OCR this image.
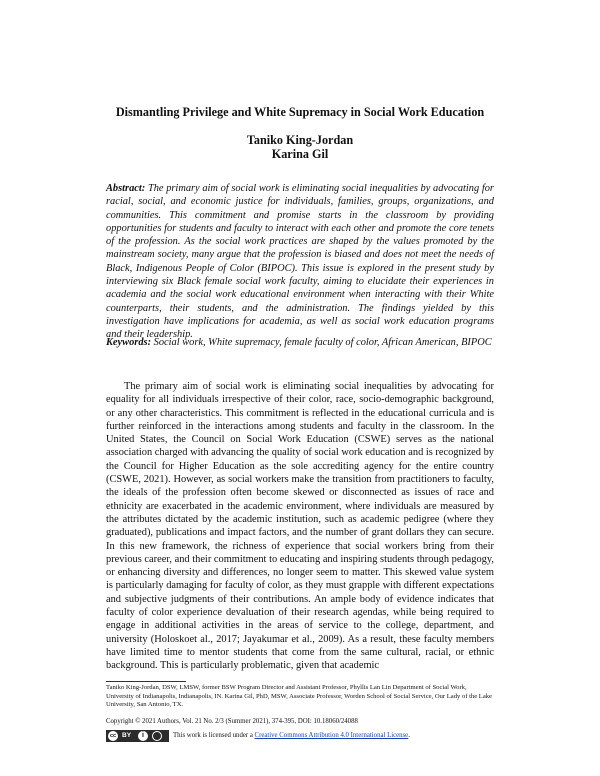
Dismantling Privilege and White Supremacy in Social Work Education
Taniko King-Jordan
Karina Gil

Abstract: The primary aim of social work is eliminating social inequalities by advocating for racial, social, and economic justice for individuals, families, groups, organizations, and communities. This commitment and promise starts in the classroom by providing opportunities for students and faculty to interact with each other and promote the core tenets of the profession. As the social work practices are shaped by the values promoted by the mainstream society, many argue that the profession is biased and does not meet the needs of Black, Indigenous People of Color (BIPOC). This issue is explored in the present study by interviewing six Black female social work faculty, aiming to elucidate their experiences in academia and the social work educational environment when interacting with their White counterparts, their students, and the administration. The findings yielded by this investigation have implications for academia, as well as social work education programs and their leadership.

Keywords: Social work, White supremacy, female faculty of color, African American, BIPOC

The primary aim of social work is eliminating social inequalities by advocating for equality for all individuals irrespective of their color, race, socio-demographic background, or any other characteristics. This commitment is reflected in the educational curricula and is further reinforced in the interactions among students and faculty in the classroom. In the United States, the Council on Social Work Education (CSWE) serves as the national association charged with advancing the quality of social work education and is recognized by the Council for Higher Education as the sole accrediting agency for the entire country (CSWE, 2021). However, as social workers make the transition from practitioners to faculty, the ideals of the profession often become skewed or disconnected as issues of race and ethnicity are exacerbated in the academic environment, where individuals are measured by the attributes dictated by the academic institution, such as academic pedigree (where they graduated), publications and impact factors, and the number of grant dollars they can secure. In this new framework, the richness of experience that social workers bring from their previous career, and their commitment to educating and inspiring students through pedagogy, or enhancing diversity and differences, no longer seem to matter. This skewed value system is particularly damaging for faculty of color, as they must grapple with different expectations and subjective judgments of their contributions. An ample body of evidence indicates that faculty of color experience devaluation of their research agendas, while being required to engage in additional activities in the areas of service to the college, department, and university (Holoskoet al., 2017; Jayakumar et al., 2009). As a result, these faculty members have limited time to mentor students that come from the same cultural, racial, or ethnic background. This is particularly problematic, given that academic

Taniko King-Jordan, DSW, LMSW, former BSW Program Director and Assistant Professor, Phyllis Lan Lin Department of Social Work, University of Indianapolis, Indianapolis, IN. Karina Gil, PhD, MSW, Associate Professor, Worden School of Social Service, Our Lady of the Lake University, San Antonio, TX.

Copyright © 2021 Authors, Vol. 21 No. 2/3 (Summer 2021), 374-395, DOI: 10.18060/24088

cc BY	i	This work is licensed under a Creative Commons Attribution 4.0 International License.
